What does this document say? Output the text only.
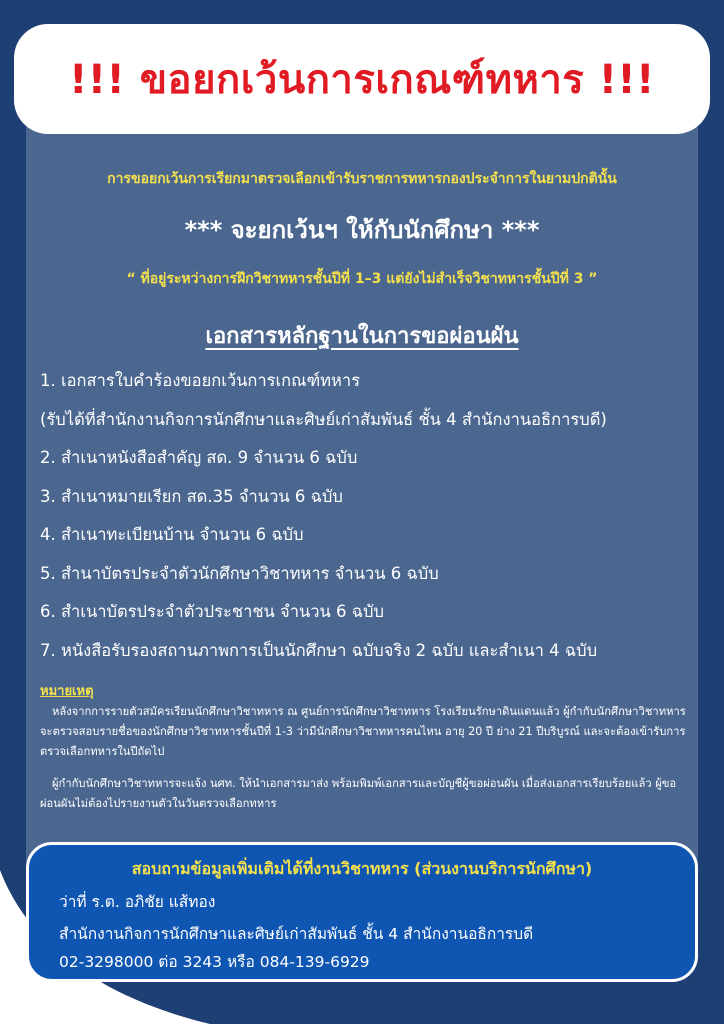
!!! ขอยกเว้นการเกณฑ์ทหาร !!!
การขอยกเว้นการเรียกมาตรวจเลือกเข้ารับราชการทหารกองประจำการในยามปกตินั้น
*** จะยกเว้นฯ ให้กับนักศึกษา ***
“ ที่อยู่ระหว่างการฝึกวิชาทหารชั้นปีที่ 1–3 แต่ยังไม่สำเร็จวิชาทหารชั้นปีที่ 3 ”
เอกสารหลักฐานในการขอผ่อนผัน
1. เอกสารใบคำร้องขอยกเว้นการเกณฑ์ทหาร
(รับได้ที่สำนักงานกิจการนักศึกษาและศิษย์เก่าสัมพันธ์ ชั้น 4 สำนักงานอธิการบดี)
2. สำเนาหนังสือสำคัญ สด. 9 จำนวน 6 ฉบับ
3. สำเนาหมายเรียก สด.35 จำนวน 6 ฉบับ
4. สำเนาทะเบียนบ้าน จำนวน 6 ฉบับ
5. สำนาบัตรประจำตัวนักศึกษาวิชาทหาร จำนวน 6 ฉบับ
6. สำเนาบัตรประจำตัวประชาชน จำนวน 6 ฉบับ
7. หนังสือรับรองสถานภาพการเป็นนักศึกษา ฉบับจริง 2 ฉบับ และสำเนา 4 ฉบับ
หมายเหตุ
หลังจากการรายตัวสมัครเรียนนักศึกษาวิชาทหาร ณ ศูนย์การนักศึกษาวิชาทหาร โรงเรียนรักษาดินแดนแล้ว ผู้กำกับนักศึกษาวิชาทหารจะตรวจสอบรายชื่อของนักศึกษาวิชาทหารชั้นปีที่ 1-3 ว่ามีนักศึกษาวิชาทหารคนไหน อายุ 20 ปี ย่าง 21 ปีบริบูรณ์ และจะต้องเข้ารับการตรวจเลือกทหารในปีถัดไป
ผู้กำกับนักศึกษาวิชาทหารจะแจ้ง นศท. ให้นำเอกสารมาส่ง พร้อมพิมพ์เอกสารและบัญชีผู้ขอผ่อนผัน เมื่อส่งเอกสารเรียบร้อยแล้ว ผู้ขอผ่อนผันไม่ต้องไปรายงานตัวในวันตรวจเลือกทหาร
สอบถามข้อมูลเพิ่มเติมได้ที่งานวิชาทหาร (ส่วนงานบริการนักศึกษา)
ว่าที่ ร.ต. อภิชัย แส้ทอง
สำนักงานกิจการนักศึกษาและศิษย์เก่าสัมพันธ์ ชั้น 4 สำนักงานอธิการบดี
02-3298000 ต่อ 3243 หรือ 084-139-6929
